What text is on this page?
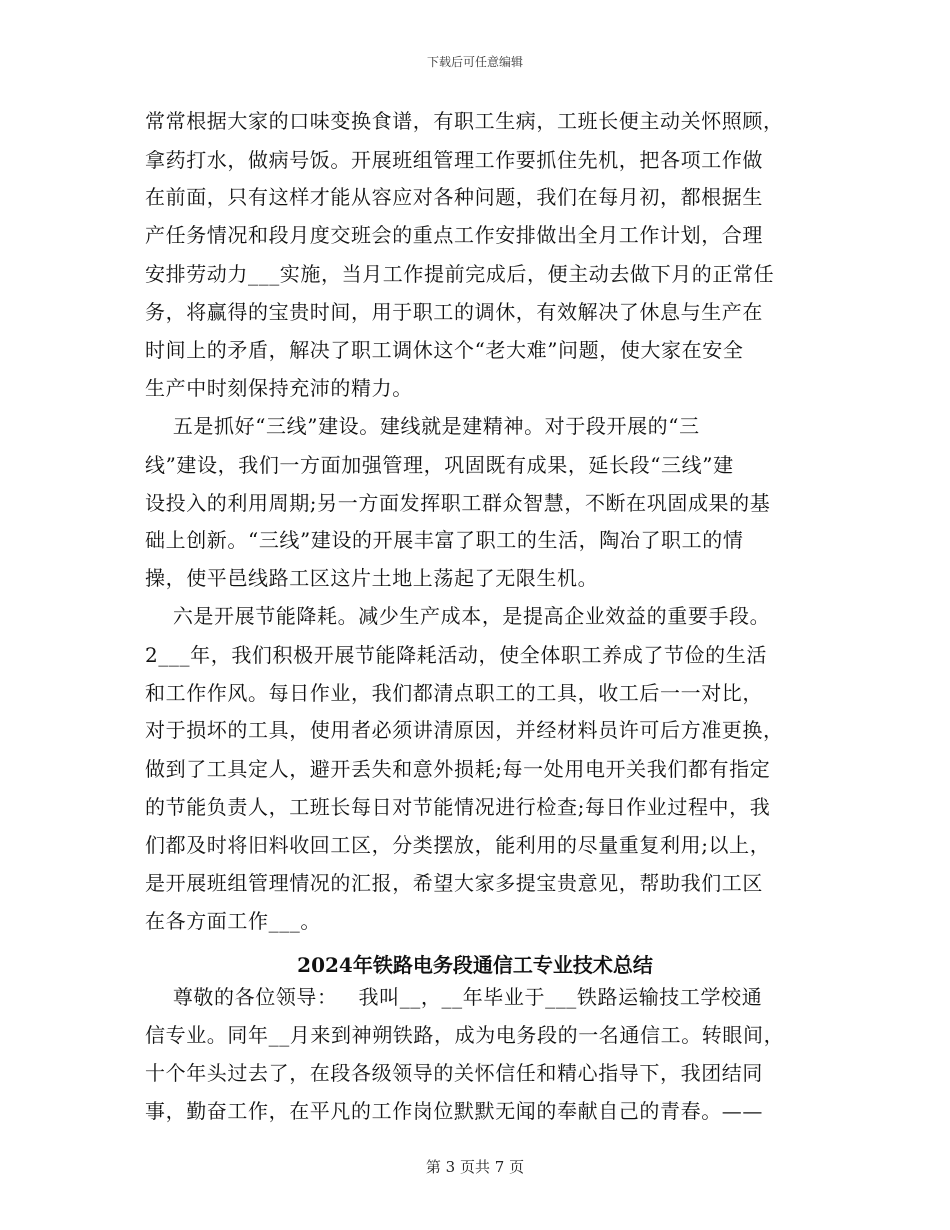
下载后可任意编辑
常常根据大家的口味变换食谱，有职工生病，工班长便主动关怀照顾，
拿药打水，做病号饭。开展班组管理工作要抓住先机，把各项工作做
在前面，只有这样才能从容应对各种问题，我们在每月初，都根据生
产任务情况和段月度交班会的重点工作安排做出全月工作计划，合理
安排劳动力___实施，当月工作提前完成后，便主动去做下月的正常任
务，将赢得的宝贵时间，用于职工的调休，有效解决了休息与生产在
时间上的矛盾，解决了职工调休这个“老大难”问题，使大家在安全
生产中时刻保持充沛的精力。
五是抓好“三线”建设。建线就是建精神。对于段开展的“三
线”建设，我们一方面加强管理，巩固既有成果，延长段“三线”建
设投入的利用周期;另一方面发挥职工群众智慧，不断在巩固成果的基
础上创新。“三线”建设的开展丰富了职工的生活，陶冶了职工的情
操，使平邑线路工区这片土地上荡起了无限生机。
六是开展节能降耗。减少生产成本，是提高企业效益的重要手段。
2___年，我们积极开展节能降耗活动，使全体职工养成了节俭的生活
和工作作风。每日作业，我们都清点职工的工具，收工后一一对比，
对于损坏的工具，使用者必须讲清原因，并经材料员许可后方准更换，
做到了工具定人，避开丢失和意外损耗;每一处用电开关我们都有指定
的节能负责人，工班长每日对节能情况进行检查;每日作业过程中，我
们都及时将旧料收回工区，分类摆放，能利用的尽量重复利用;以上，
是开展班组管理情况的汇报，希望大家多提宝贵意见，帮助我们工区
在各方面工作___。
2024年铁路电务段通信工专业技术总结
尊敬的各位领导：   我叫__，__年毕业于___铁路运输技工学校通
信专业。同年__月来到神朔铁路，成为电务段的一名通信工。转眼间，
十个年头过去了，在段各级领导的关怀信任和精心指导下，我团结同
事，勤奋工作，在平凡的工作岗位默默无闻的奉献自己的青春。——
第 3 页共 7 页
